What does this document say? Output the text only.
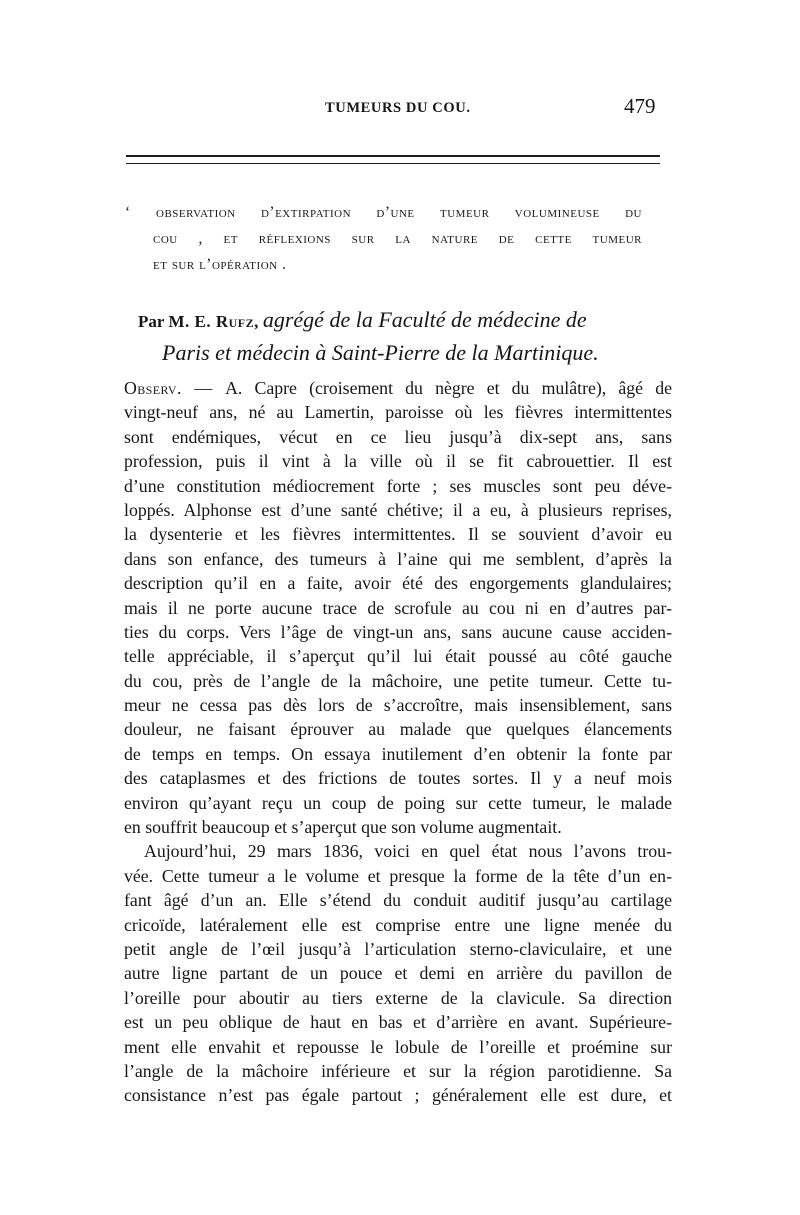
TUMEURS DU COU.	479
‘ observation d’extirpation d’une tumeur volumineuse du
cou , et réflexions sur la nature de cette tumeur
et sur l’opération .
Par M. E. Rufz, agrégé de la Faculté de médecine de
Paris et médecin à Saint-Pierre de la Martinique.
Observ. — A. Capre (croisement du nègre et du mulâtre), âgé de
vingt-neuf ans, né au Lamertin, paroisse où les fièvres intermittentes
sont endémiques, vécut en ce lieu jusqu’à dix-sept ans, sans
profession, puis il vint à la ville où il se fit cabrouettier. Il est
d’une constitution médiocrement forte ; ses muscles sont peu déve-
loppés. Alphonse est d’une santé chétive; il a eu, à plusieurs reprises,
la dysenterie et les fièvres intermittentes. Il se souvient d’avoir eu
dans son enfance, des tumeurs à l’aine qui me semblent, d’après la
description qu’il en a faite, avoir été des engorgements glandulaires;
mais il ne porte aucune trace de scrofule au cou ni en d’autres par-
ties du corps. Vers l’âge de vingt-un ans, sans aucune cause acciden-
telle appréciable, il s’aperçut qu’il lui était poussé au côté gauche
du cou, près de l’angle de la mâchoire, une petite tumeur. Cette tu-
meur ne cessa pas dès lors de s’accroître, mais insensiblement, sans
douleur, ne faisant éprouver au malade que quelques élancements
de temps en temps. On essaya inutilement d’en obtenir la fonte par
des cataplasmes et des frictions de toutes sortes. Il y a neuf mois
environ qu’ayant reçu un coup de poing sur cette tumeur, le malade
en souffrit beaucoup et s’aperçut que son volume augmentait.
Aujourd’hui, 29 mars 1836, voici en quel état nous l’avons trou-
vée. Cette tumeur a le volume et presque la forme de la tête d’un en-
fant âgé d’un an. Elle s’étend du conduit auditif jusqu’au cartilage
cricoïde, latéralement elle est comprise entre une ligne menée du
petit angle de l’œil jusqu’à l’articulation sterno-claviculaire, et une
autre ligne partant de un pouce et demi en arrière du pavillon de
l’oreille pour aboutir au tiers externe de la clavicule. Sa direction
est un peu oblique de haut en bas et d’arrière en avant. Supérieure-
ment elle envahit et repousse le lobule de l’oreille et proémine sur
l’angle de la mâchoire inférieure et sur la région parotidienne. Sa
consistance n’est pas égale partout ; généralement elle est dure, et
